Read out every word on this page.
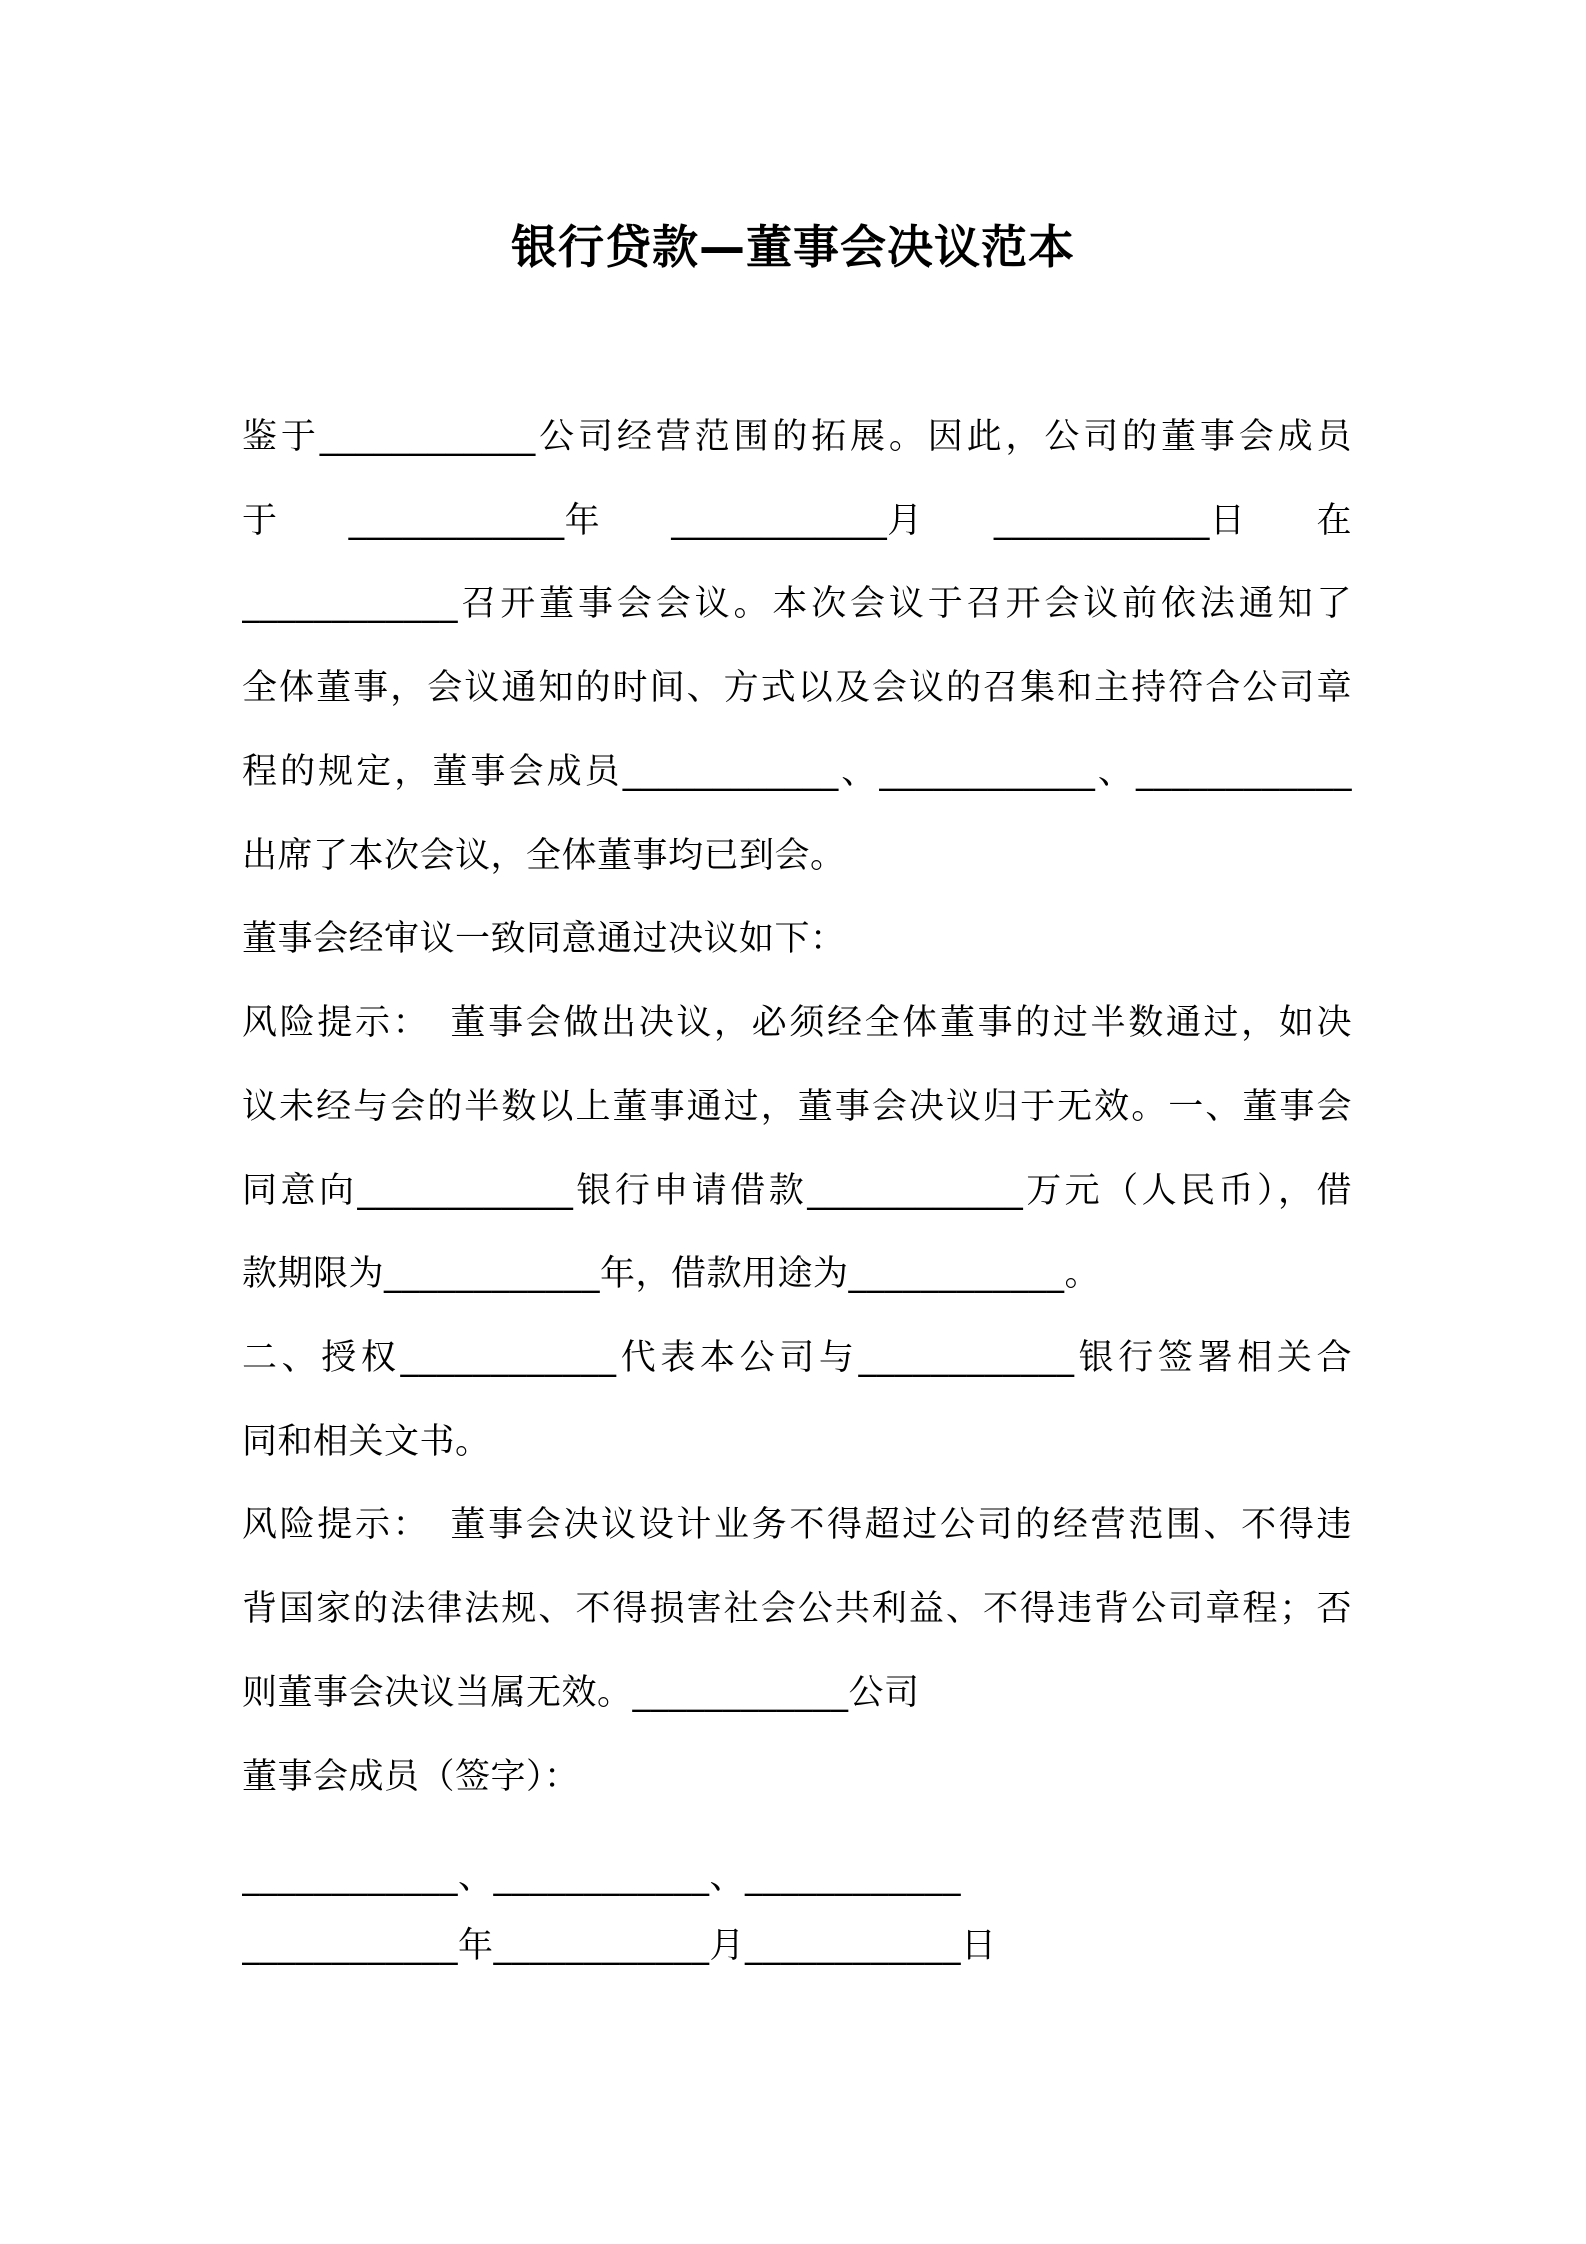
银行贷款—董事会决议范本
鉴于____________公司经营范围的拓展。因此，公司的董事会成员
于 ____________年 ____________月 ____________日 在
____________召开董事会会议。本次会议于召开会议前依法通知了
全体董事，会议通知的时间、方式以及会议的召集和主持符合公司章
程的规定，董事会成员____________、____________、____________
出席了本次会议，全体董事均已到会。
董事会经审议一致同意通过决议如下：
风险提示：　董事会做出决议，必须经全体董事的过半数通过，如决
议未经与会的半数以上董事通过，董事会决议归于无效。一、董事会
同意向____________银行申请借款____________万元（人民币），借
款期限为____________年，借款用途为____________。
二、授权____________代表本公司与____________银行签署相关合
同和相关文书。
风险提示：　董事会决议设计业务不得超过公司的经营范围、不得违
背国家的法律法规、不得损害社会公共利益、不得违背公司章程；否
则董事会决议当属无效。____________公司
董事会成员（签字）：
____________、____________、____________
____________年____________月____________日
